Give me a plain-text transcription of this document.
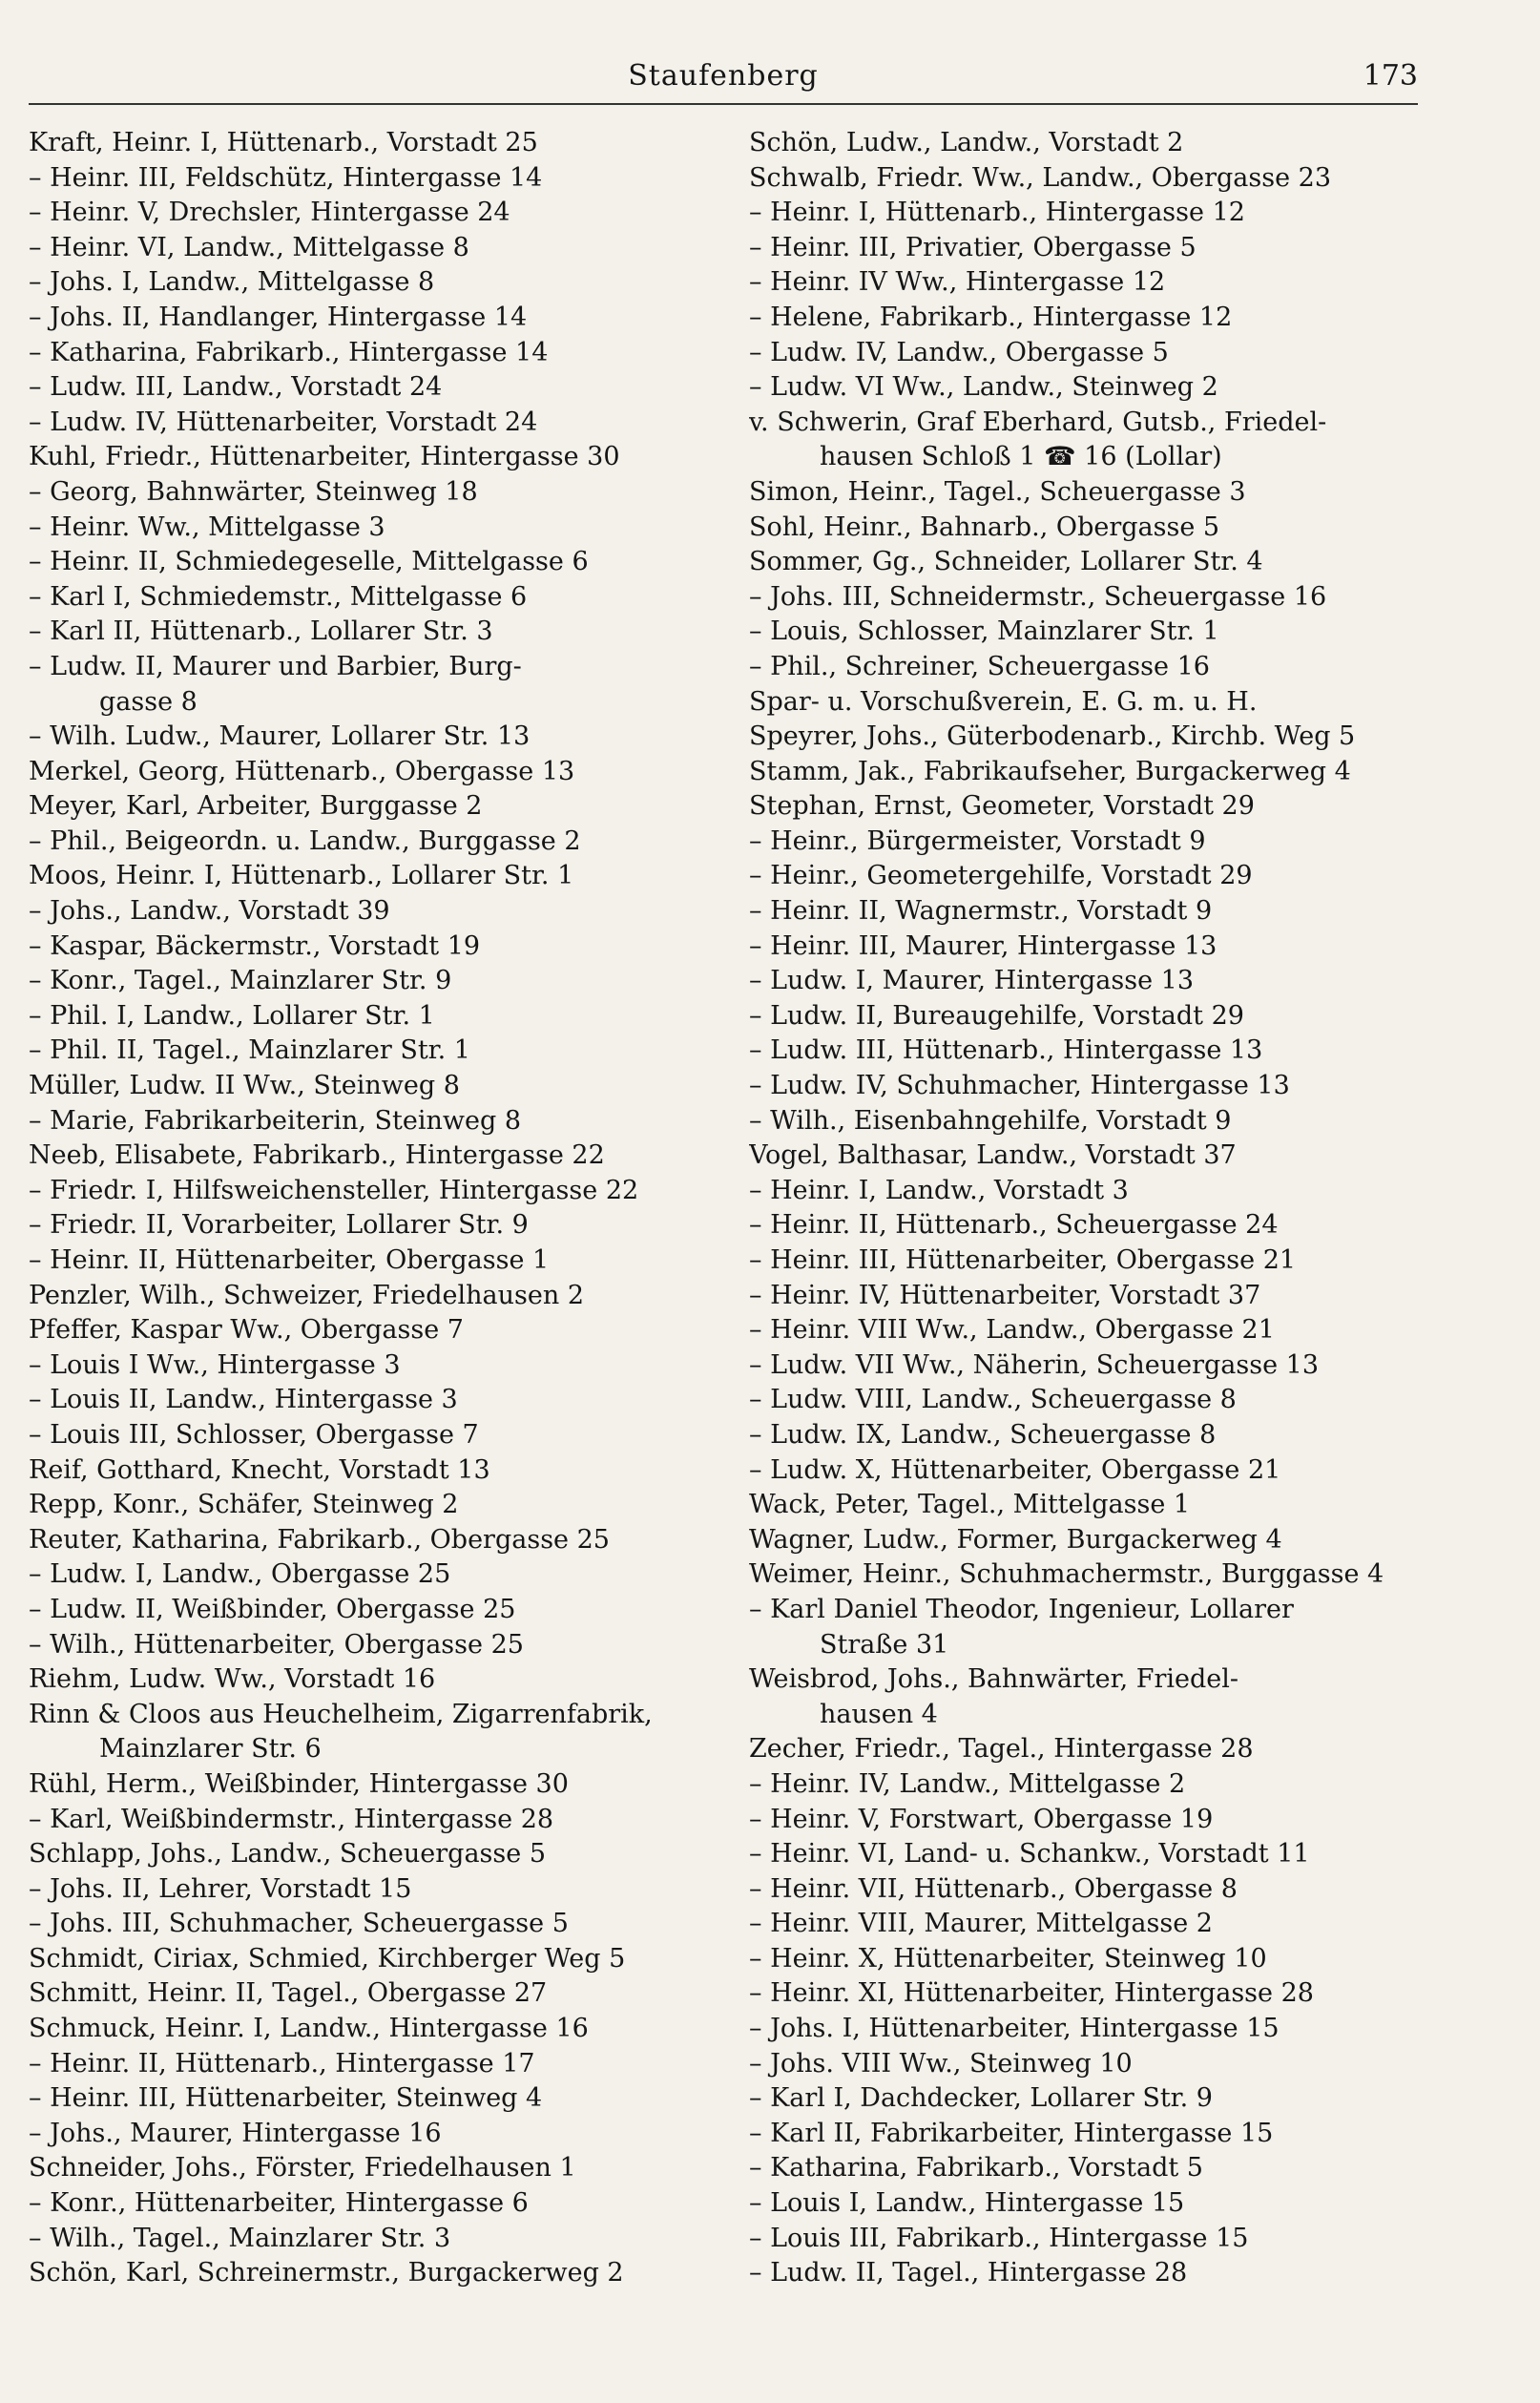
Staufenberg	173
Kraft, Heinr. I, Hüttenarb., Vorstadt 25
– Heinr. III, Feldschütz, Hintergasse 14
– Heinr. V, Drechsler, Hintergasse 24
– Heinr. VI, Landw., Mittelgasse 8
– Johs. I, Landw., Mittelgasse 8
– Johs. II, Handlanger, Hintergasse 14
– Katharina, Fabrikarb., Hintergasse 14
– Ludw. III, Landw., Vorstadt 24
– Ludw. IV, Hüttenarbeiter, Vorstadt 24
Kuhl, Friedr., Hüttenarbeiter, Hintergasse 30
– Georg, Bahnwärter, Steinweg 18
– Heinr. Ww., Mittelgasse 3
– Heinr. II, Schmiedegeselle, Mittelgasse 6
– Karl I, Schmiedemstr., Mittelgasse 6
– Karl II, Hüttenarb., Lollarer Str. 3
– Ludw. II, Maurer und Barbier, Burg-
gasse 8
– Wilh. Ludw., Maurer, Lollarer Str. 13
Merkel, Georg, Hüttenarb., Obergasse 13
Meyer, Karl, Arbeiter, Burggasse 2
– Phil., Beigeordn. u. Landw., Burggasse 2
Moos, Heinr. I, Hüttenarb., Lollarer Str. 1
– Johs., Landw., Vorstadt 39
– Kaspar, Bäckermstr., Vorstadt 19
– Konr., Tagel., Mainzlarer Str. 9
– Phil. I, Landw., Lollarer Str. 1
– Phil. II, Tagel., Mainzlarer Str. 1
Müller, Ludw. II Ww., Steinweg 8
– Marie, Fabrikarbeiterin, Steinweg 8
Neeb, Elisabete, Fabrikarb., Hintergasse 22
– Friedr. I, Hilfsweichensteller, Hintergasse 22
– Friedr. II, Vorarbeiter, Lollarer Str. 9
– Heinr. II, Hüttenarbeiter, Obergasse 1
Penzler, Wilh., Schweizer, Friedelhausen 2
Pfeffer, Kaspar Ww., Obergasse 7
– Louis I Ww., Hintergasse 3
– Louis II, Landw., Hintergasse 3
– Louis III, Schlosser, Obergasse 7
Reif, Gotthard, Knecht, Vorstadt 13
Repp, Konr., Schäfer, Steinweg 2
Reuter, Katharina, Fabrikarb., Obergasse 25
– Ludw. I, Landw., Obergasse 25
– Ludw. II, Weißbinder, Obergasse 25
– Wilh., Hüttenarbeiter, Obergasse 25
Riehm, Ludw. Ww., Vorstadt 16
Rinn & Cloos aus Heuchelheim, Zigarrenfabrik,
Mainzlarer Str. 6
Rühl, Herm., Weißbinder, Hintergasse 30
– Karl, Weißbindermstr., Hintergasse 28
Schlapp, Johs., Landw., Scheuergasse 5
– Johs. II, Lehrer, Vorstadt 15
– Johs. III, Schuhmacher, Scheuergasse 5
Schmidt, Ciriax, Schmied, Kirchberger Weg 5
Schmitt, Heinr. II, Tagel., Obergasse 27
Schmuck, Heinr. I, Landw., Hintergasse 16
– Heinr. II, Hüttenarb., Hintergasse 17
– Heinr. III, Hüttenarbeiter, Steinweg 4
– Johs., Maurer, Hintergasse 16
Schneider, Johs., Förster, Friedelhausen 1
– Konr., Hüttenarbeiter, Hintergasse 6
– Wilh., Tagel., Mainzlarer Str. 3
Schön, Karl, Schreinermstr., Burgackerweg 2
Schön, Ludw., Landw., Vorstadt 2
Schwalb, Friedr. Ww., Landw., Obergasse 23
– Heinr. I, Hüttenarb., Hintergasse 12
– Heinr. III, Privatier, Obergasse 5
– Heinr. IV Ww., Hintergasse 12
– Helene, Fabrikarb., Hintergasse 12
– Ludw. IV, Landw., Obergasse 5
– Ludw. VI Ww., Landw., Steinweg 2
v. Schwerin, Graf Eberhard, Gutsb., Friedel-
hausen Schloß 1 ☎ 16 (Lollar)
Simon, Heinr., Tagel., Scheuergasse 3
Sohl, Heinr., Bahnarb., Obergasse 5
Sommer, Gg., Schneider, Lollarer Str. 4
– Johs. III, Schneidermstr., Scheuergasse 16
– Louis, Schlosser, Mainzlarer Str. 1
– Phil., Schreiner, Scheuergasse 16
Spar- u. Vorschußverein, E. G. m. u. H.
Speyrer, Johs., Güterbodenarb., Kirchb. Weg 5
Stamm, Jak., Fabrikaufseher, Burgackerweg 4
Stephan, Ernst, Geometer, Vorstadt 29
– Heinr., Bürgermeister, Vorstadt 9
– Heinr., Geometergehilfe, Vorstadt 29
– Heinr. II, Wagnermstr., Vorstadt 9
– Heinr. III, Maurer, Hintergasse 13
– Ludw. I, Maurer, Hintergasse 13
– Ludw. II, Bureaugehilfe, Vorstadt 29
– Ludw. III, Hüttenarb., Hintergasse 13
– Ludw. IV, Schuhmacher, Hintergasse 13
– Wilh., Eisenbahngehilfe, Vorstadt 9
Vogel, Balthasar, Landw., Vorstadt 37
– Heinr. I, Landw., Vorstadt 3
– Heinr. II, Hüttenarb., Scheuergasse 24
– Heinr. III, Hüttenarbeiter, Obergasse 21
– Heinr. IV, Hüttenarbeiter, Vorstadt 37
– Heinr. VIII Ww., Landw., Obergasse 21
– Ludw. VII Ww., Näherin, Scheuergasse 13
– Ludw. VIII, Landw., Scheuergasse 8
– Ludw. IX, Landw., Scheuergasse 8
– Ludw. X, Hüttenarbeiter, Obergasse 21
Wack, Peter, Tagel., Mittelgasse 1
Wagner, Ludw., Former, Burgackerweg 4
Weimer, Heinr., Schuhmachermstr., Burggasse 4
– Karl Daniel Theodor, Ingenieur, Lollarer
Straße 31
Weisbrod, Johs., Bahnwärter, Friedel-
hausen 4
Zecher, Friedr., Tagel., Hintergasse 28
– Heinr. IV, Landw., Mittelgasse 2
– Heinr. V, Forstwart, Obergasse 19
– Heinr. VI, Land- u. Schankw., Vorstadt 11
– Heinr. VII, Hüttenarb., Obergasse 8
– Heinr. VIII, Maurer, Mittelgasse 2
– Heinr. X, Hüttenarbeiter, Steinweg 10
– Heinr. XI, Hüttenarbeiter, Hintergasse 28
– Johs. I, Hüttenarbeiter, Hintergasse 15
– Johs. VIII Ww., Steinweg 10
– Karl I, Dachdecker, Lollarer Str. 9
– Karl II, Fabrikarbeiter, Hintergasse 15
– Katharina, Fabrikarb., Vorstadt 5
– Louis I, Landw., Hintergasse 15
– Louis III, Fabrikarb., Hintergasse 15
– Ludw. II, Tagel., Hintergasse 28
